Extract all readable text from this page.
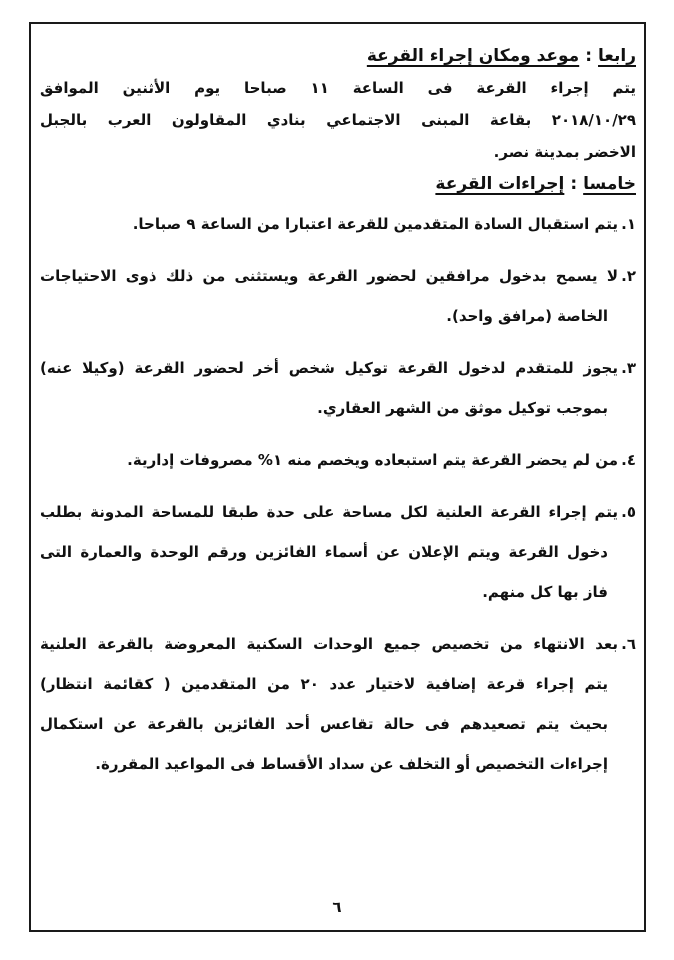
رابعا:موعد ومكان إجراء القرعة
يتم إجراء القرعة فى الساعة ١١ صباحا يوم الأثنين الموافق
٢٠١٨/١٠/٢٩ بقاعة المبنى الاجتماعي بنادي المقاولون العرب بالجبل
الاخضر بمدينة نصر.
خامسا:إجراءات القرعة
١.يتم استقبال السادة المتقدمين للقرعة اعتبارا من الساعة ٩ صباحا.
٢.لا يسمح بدخول مرافقين لحضور القرعة ويستثنى من ذلك ذوى الاحتياجات
الخاصة (مرافق واحد).
٣.يجوز للمتقدم لدخول القرعة توكيل شخص أخر لحضور القرعة (وكيلا عنه)
بموجب توكيل موثق من الشهر العقاري.
٤.من لم يحضر القرعة يتم استبعاده ويخصم منه ١% مصروفات إدارية.
٥.يتم إجراء القرعة العلنية لكل مساحة على حدة طبقا للمساحة المدونة بطلب
دخول القرعة ويتم الإعلان عن أسماء الفائزين ورقم الوحدة والعمارة التى
فاز بها كل منهم.
٦.بعد الانتهاء من تخصيص جميع الوحدات السكنية المعروضة بالقرعة العلنية
يتم إجراء قرعة إضافية لاختيار عدد ٢٠ من المتقدمين ( كقائمة انتظار)
بحيث يتم تصعيدهم فى حالة تقاعس أحد الفائزين بالقرعة عن استكمال
إجراءات التخصيص أو التخلف عن سداد الأقساط فى المواعيد المقررة.
٦
